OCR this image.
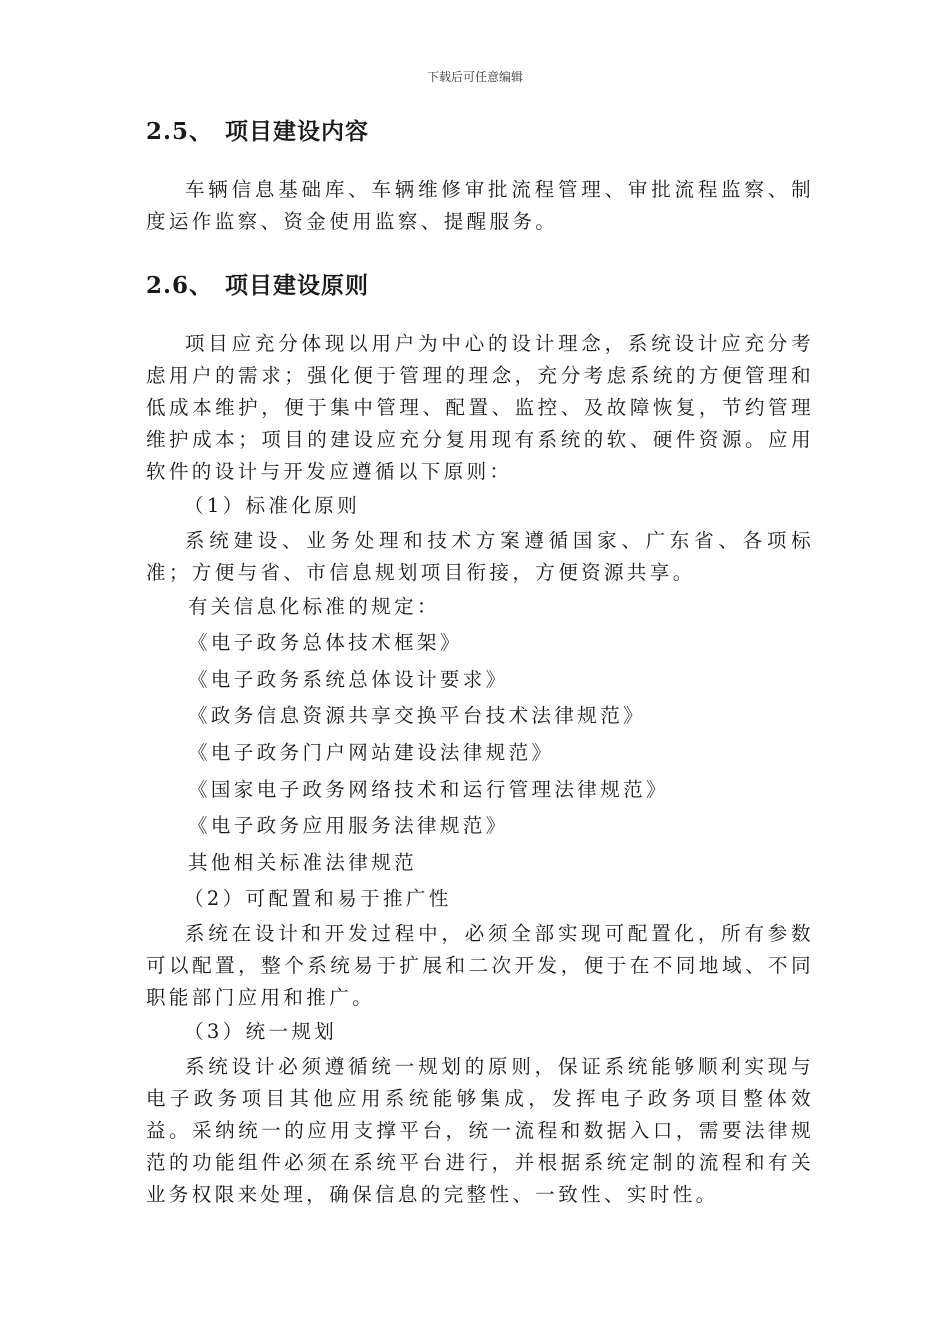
下载后可任意编辑
2.5、 项目建设内容

车辆信息基础库、车辆维修审批流程管理、审批流程监察、制度运作监察、资金使用监察、提醒服务。

2.6、 项目建设原则

项目应充分体现以用户为中心的设计理念，系统设计应充分考虑用户的需求；强化便于管理的理念，充分考虑系统的方便管理和低成本维护，便于集中管理、配置、监控、及故障恢复，节约管理维护成本；项目的建设应充分复用现有系统的软、硬件资源。应用软件的设计与开发应遵循以下原则：

（1）标准化原则

系统建设、业务处理和技术方案遵循国家、广东省、各项标准；方便与省、市信息规划项目衔接，方便资源共享。

有关信息化标准的规定：

《电子政务总体技术框架》

《电子政务系统总体设计要求》

《政务信息资源共享交换平台技术法律规范》

《电子政务门户网站建设法律规范》

《国家电子政务网络技术和运行管理法律规范》

《电子政务应用服务法律规范》

其他相关标准法律规范

（2）可配置和易于推广性

系统在设计和开发过程中，必须全部实现可配置化，所有参数可以配置，整个系统易于扩展和二次开发，便于在不同地域、不同职能部门应用和推广。

（3）统一规划

系统设计必须遵循统一规划的原则，保证系统能够顺利实现与电子政务项目其他应用系统能够集成，发挥电子政务项目整体效益。采纳统一的应用支撑平台，统一流程和数据入口，需要法律规范的功能组件必须在系统平台进行，并根据系统定制的流程和有关业务权限来处理，确保信息的完整性、一致性、实时性。
